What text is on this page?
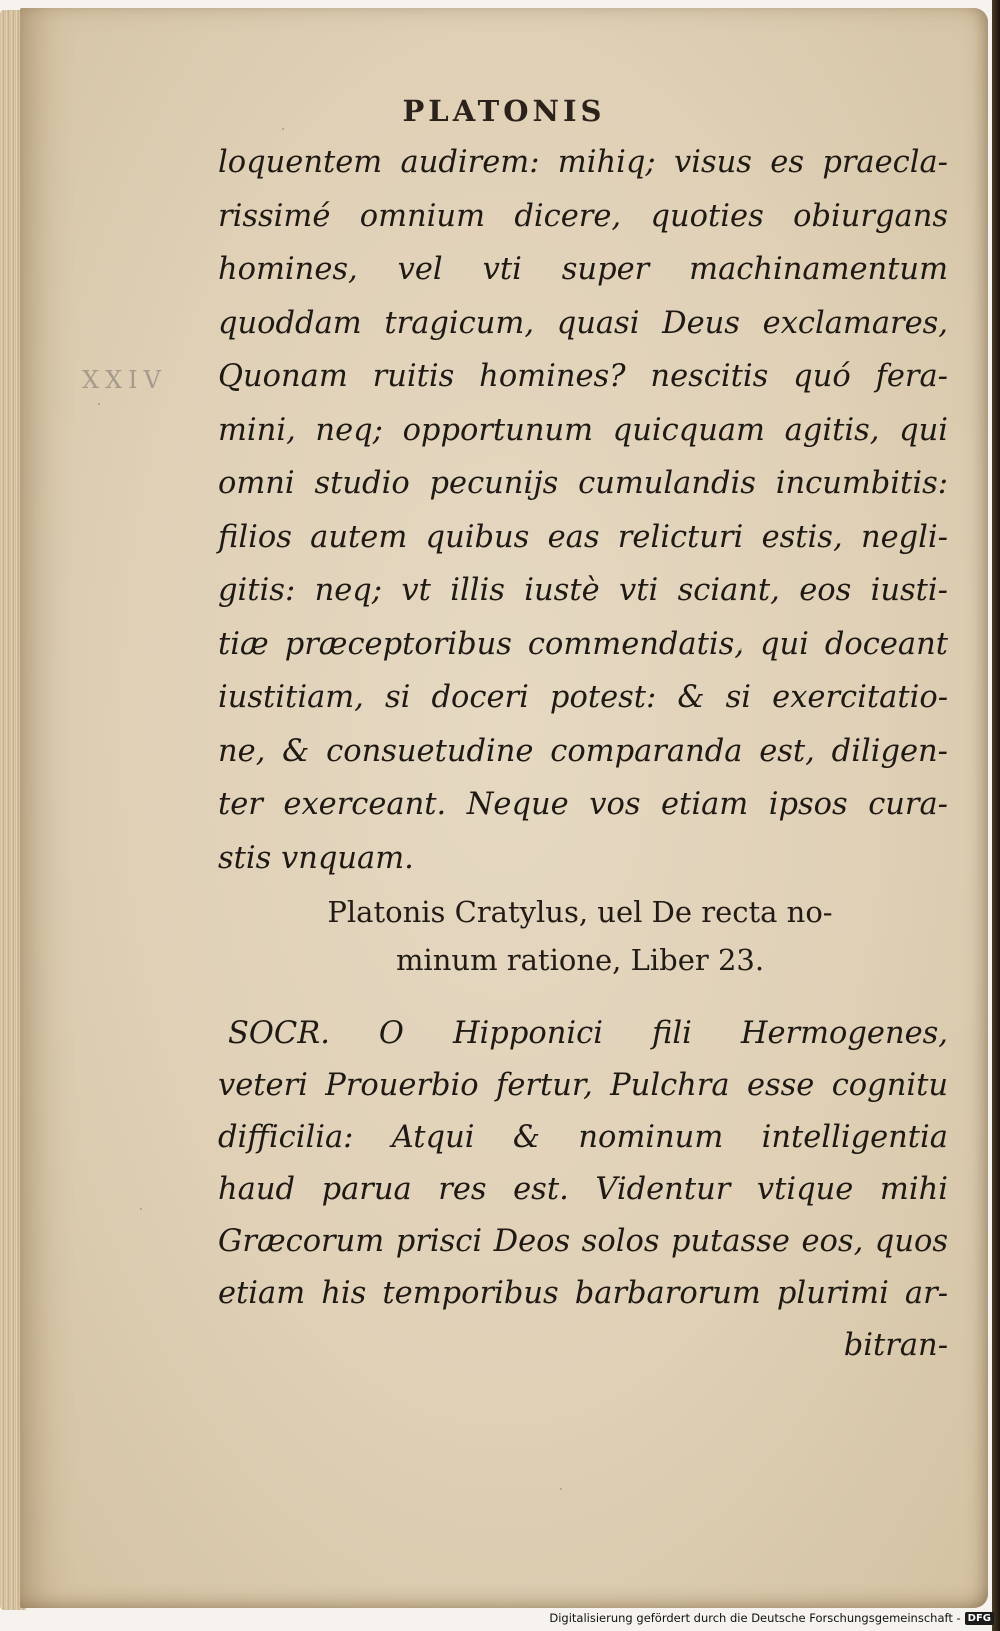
PLATONIS
XXIV
loquentem audirem: mihiq; visus es praecla-
rissimé omnium dicere, quoties obiurgans
homines, vel vti super machinamentum
quoddam tragicum, quasi Deus exclamares,
Quonam ruitis homines? nescitis quó fera-
mini, neq; opportunum quicquam agitis, qui
omni studio pecunijs cumulandis incumbitis:
filios autem quibus eas relicturi estis, negli-
gitis: neq; vt illis iustè vti sciant, eos iusti-
tiæ præceptoribus commendatis, qui doceant
iustitiam, si doceri potest: & si exercitatio-
ne, & consuetudine comparanda est, diligen-
ter exerceant. Neque vos etiam ipsos cura-
stis vnquam.
Platonis Cratylus, uel De recta no-
minum ratione, Liber 23.
SOCR. O Hipponici fili Hermogenes,
veteri Prouerbio fertur, Pulchra esse cognitu
difficilia: Atqui & nominum intelligentia
haud parua res est. Videntur vtique mihi
Græcorum prisci Deos solos putasse eos, quos
etiam his temporibus barbarorum plurimi ar-
bitran-
Digitalisierung gefördert durch die Deutsche Forschungsgemeinschaft - DFG
